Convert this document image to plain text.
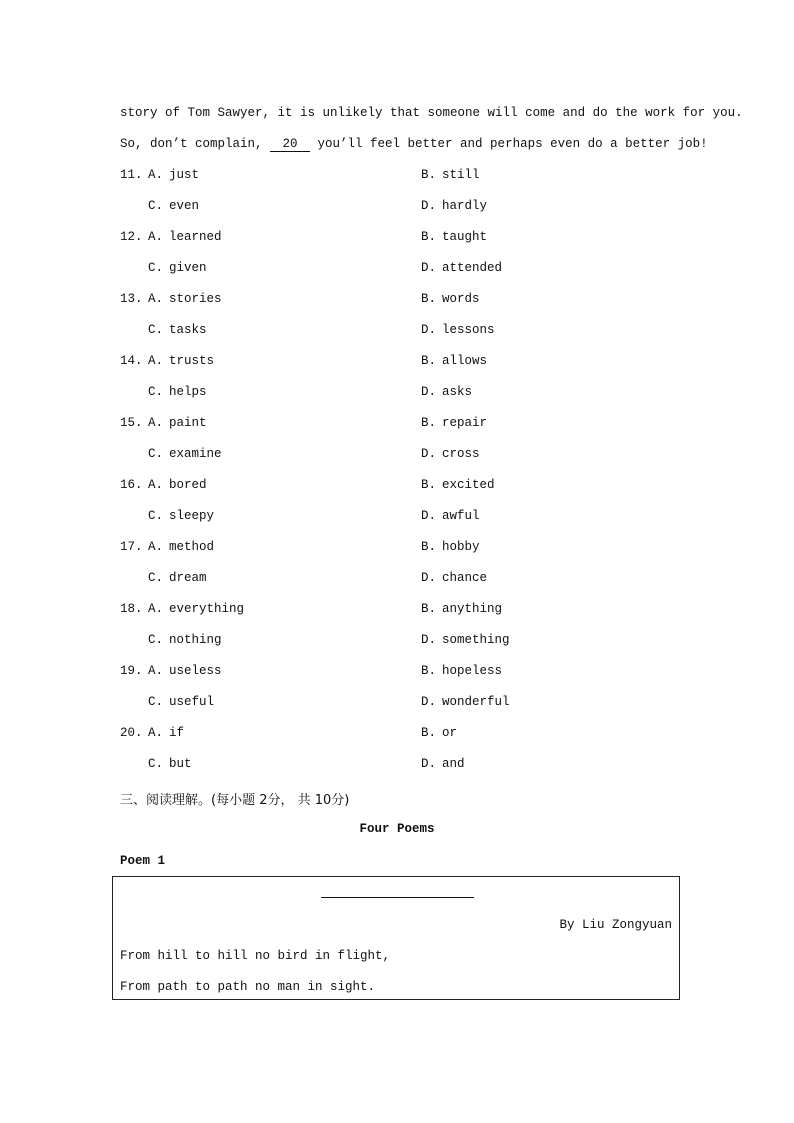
story of Tom Sawyer, it is unlikely that someone will come and do the work for you.
So, don’t complain, 20 you’ll feel better and perhaps even do a better job!
11. A. just	B. still
C. even	D. hardly
12. A. learned	B. taught
C. given	D. attended
13. A. stories	B. words
C. tasks	D. lessons
14. A. trusts	B. allows
C. helps	D. asks
15. A. paint	B. repair
C. examine	D. cross
16. A. bored	B. excited
C. sleepy	D. awful
17. A. method	B. hobby
C. dream	D. chance
18. A. everything	B. anything
C. nothing	D. something
19. A. useless	B. hopeless
C. useful	D. wonderful
20. A. if	B. or
C. but	D. and
三、阅读理解。(每小题 2分， 共 10分)
Four Poems
Poem 1
By Liu Zongyuan
From hill to hill no bird in flight,
From path to path no man in sight.
